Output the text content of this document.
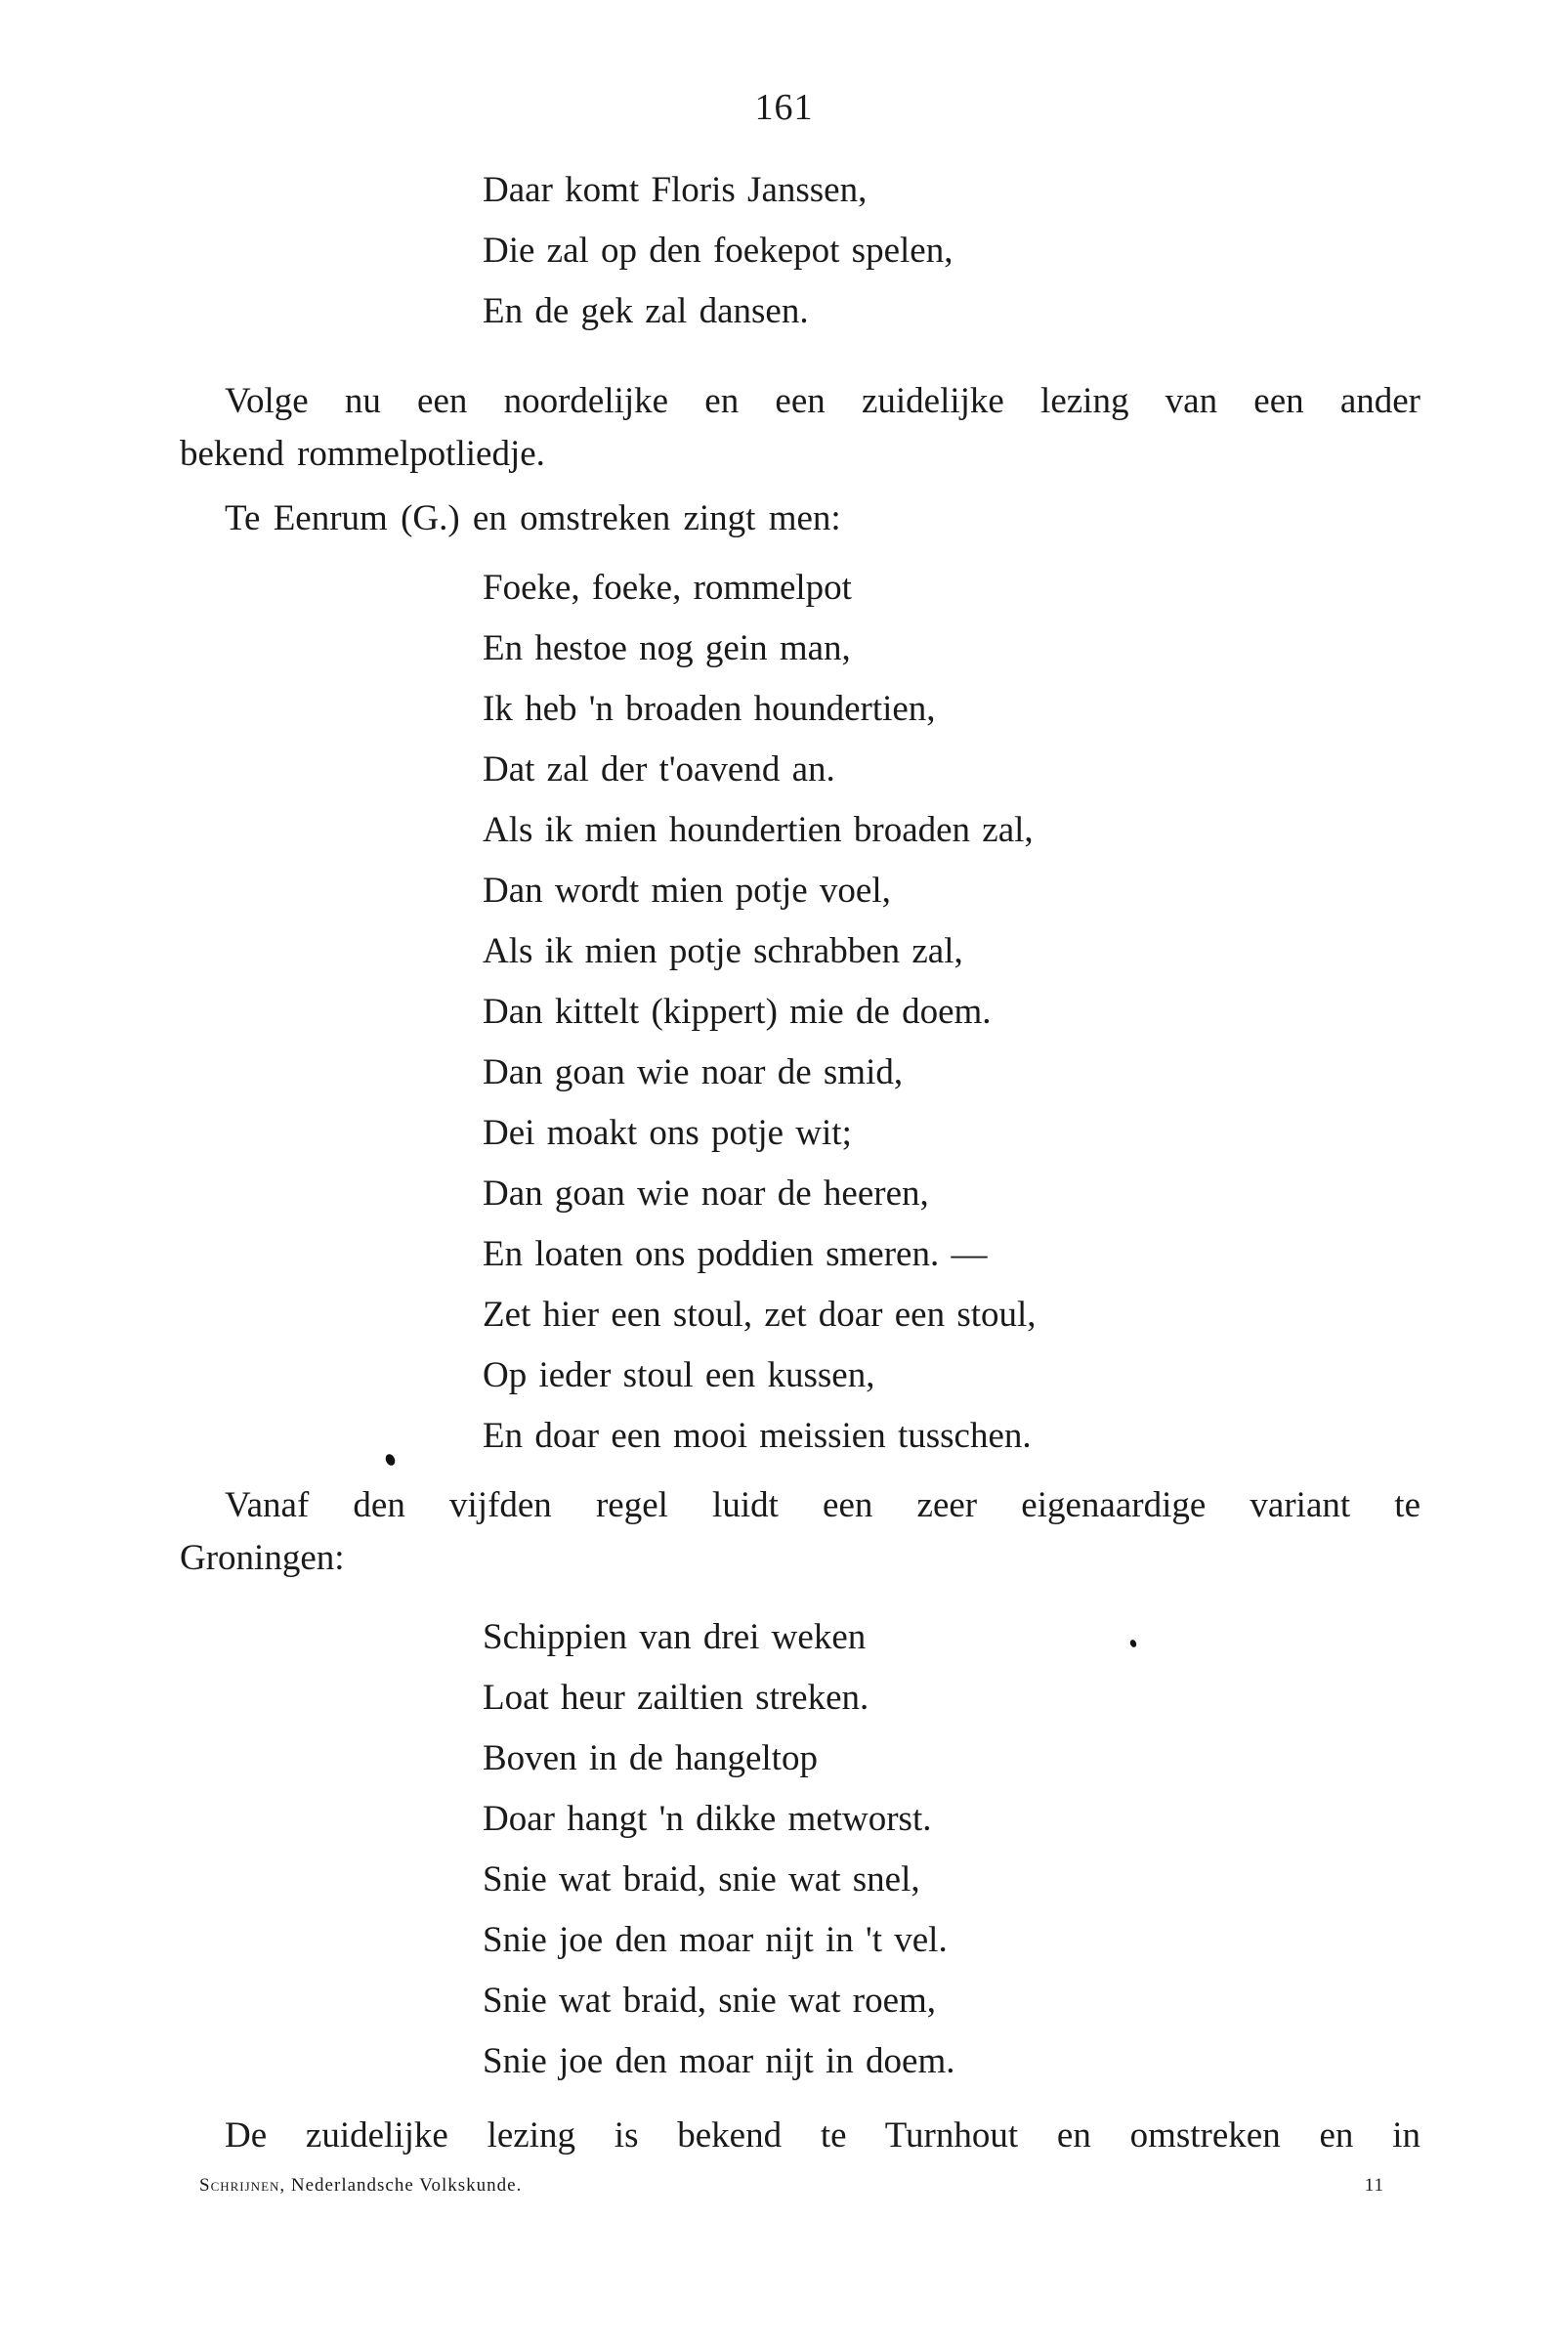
161
Daar komt Floris Janssen,
Die zal op den foekepot spelen,
En de gek zal dansen.
Volge nu een noordelijke en een zuidelijke lezing van een ander
bekend rommelpotliedje.
Te Eenrum (G.) en omstreken zingt men:
Foeke, foeke, rommelpot
En hestoe nog gein man,
Ik heb 'n broaden houndertien,
Dat zal der t'oavend an.
Als ik mien houndertien broaden zal,
Dan wordt mien potje voel,
Als ik mien potje schrabben zal,
Dan kittelt (kippert) mie de doem.
Dan goan wie noar de smid,
Dei moakt ons potje wit;
Dan goan wie noar de heeren,
En loaten ons poddien smeren. —
Zet hier een stoul, zet doar een stoul,
Op ieder stoul een kussen,
En doar een mooi meissien tusschen.
Vanaf den vijfden regel luidt een zeer eigenaardige variant te
Groningen:
Schippien van drei weken
Loat heur zailtien streken.
Boven in de hangeltop
Doar hangt 'n dikke metworst.
Snie wat braid, snie wat snel,
Snie joe den moar nijt in 't vel.
Snie wat braid, snie wat roem,
Snie joe den moar nijt in doem.
De zuidelijke lezing is bekend te Turnhout en omstreken en in
Schrijnen, Nederlandsche Volkskunde.	11
